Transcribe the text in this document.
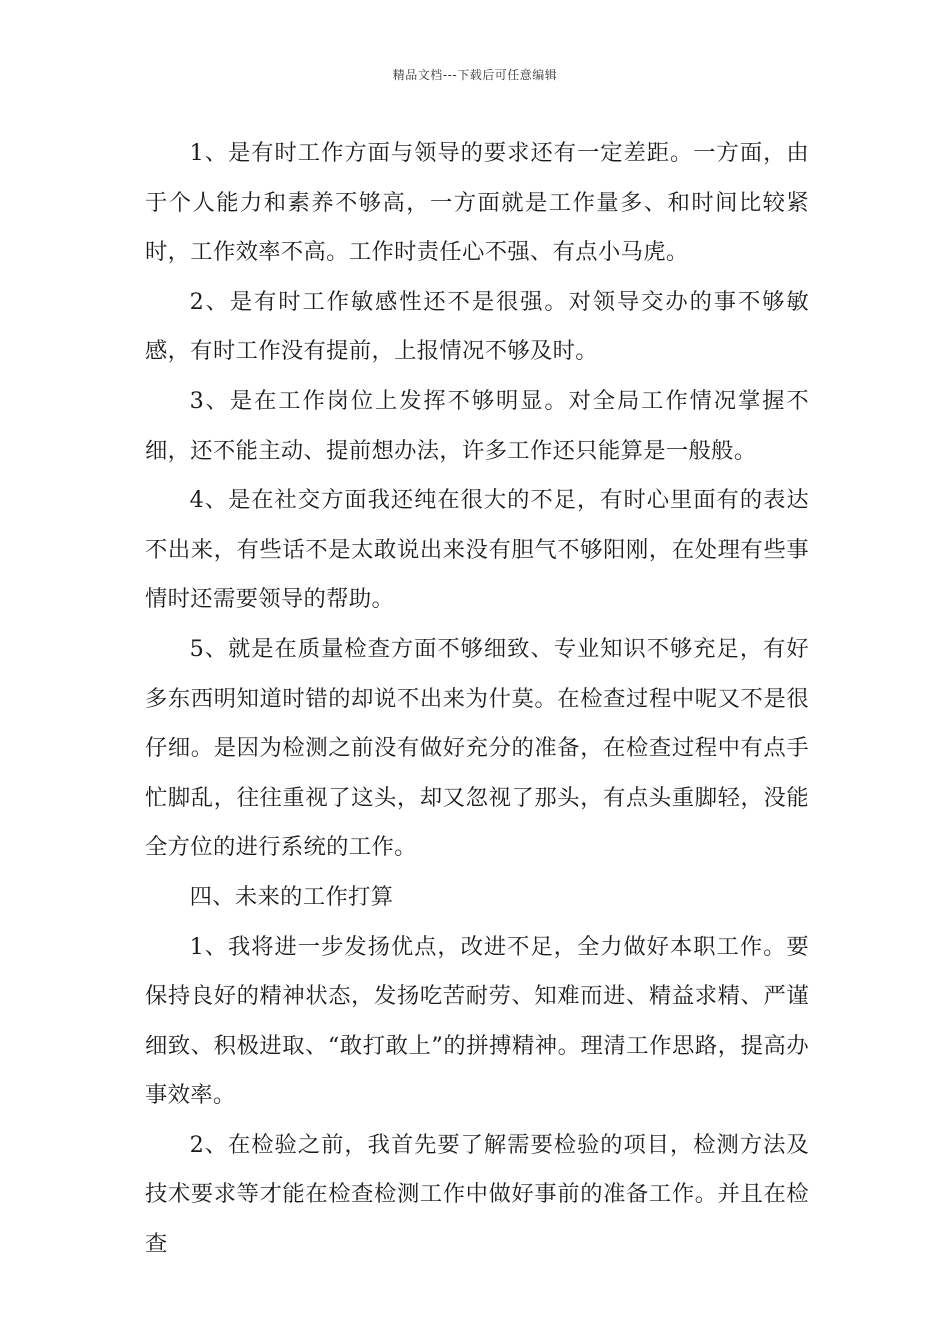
精品文档---下载后可任意编辑

1、是有时工作方面与领导的要求还有一定差距。一方面，由于个人能力和素养不够高，一方面就是工作量多、和时间比较紧时，工作效率不高。工作时责任心不强、有点小马虎。

2、是有时工作敏感性还不是很强。对领导交办的事不够敏感，有时工作没有提前，上报情况不够及时。

3、是在工作岗位上发挥不够明显。对全局工作情况掌握不细，还不能主动、提前想办法，许多工作还只能算是一般般。

4、是在社交方面我还纯在很大的不足，有时心里面有的表达不出来，有些话不是太敢说出来没有胆气不够阳刚，在处理有些事情时还需要领导的帮助。

5、就是在质量检查方面不够细致、专业知识不够充足，有好多东西明知道时错的却说不出来为什莫。在检查过程中呢又不是很仔细。是因为检测之前没有做好充分的准备，在检查过程中有点手忙脚乱，往往重视了这头，却又忽视了那头，有点头重脚轻，没能全方位的进行系统的工作。

四、未来的工作打算

1、我将进一步发扬优点，改进不足，全力做好本职工作。要保持良好的精神状态，发扬吃苦耐劳、知难而进、精益求精、严谨细致、积极进取、“敢打敢上”的拼搏精神。理清工作思路，提高办事效率。

2、在检验之前，我首先要了解需要检验的项目，检测方法及技术要求等才能在检查检测工作中做好事前的准备工作。并且在检查
